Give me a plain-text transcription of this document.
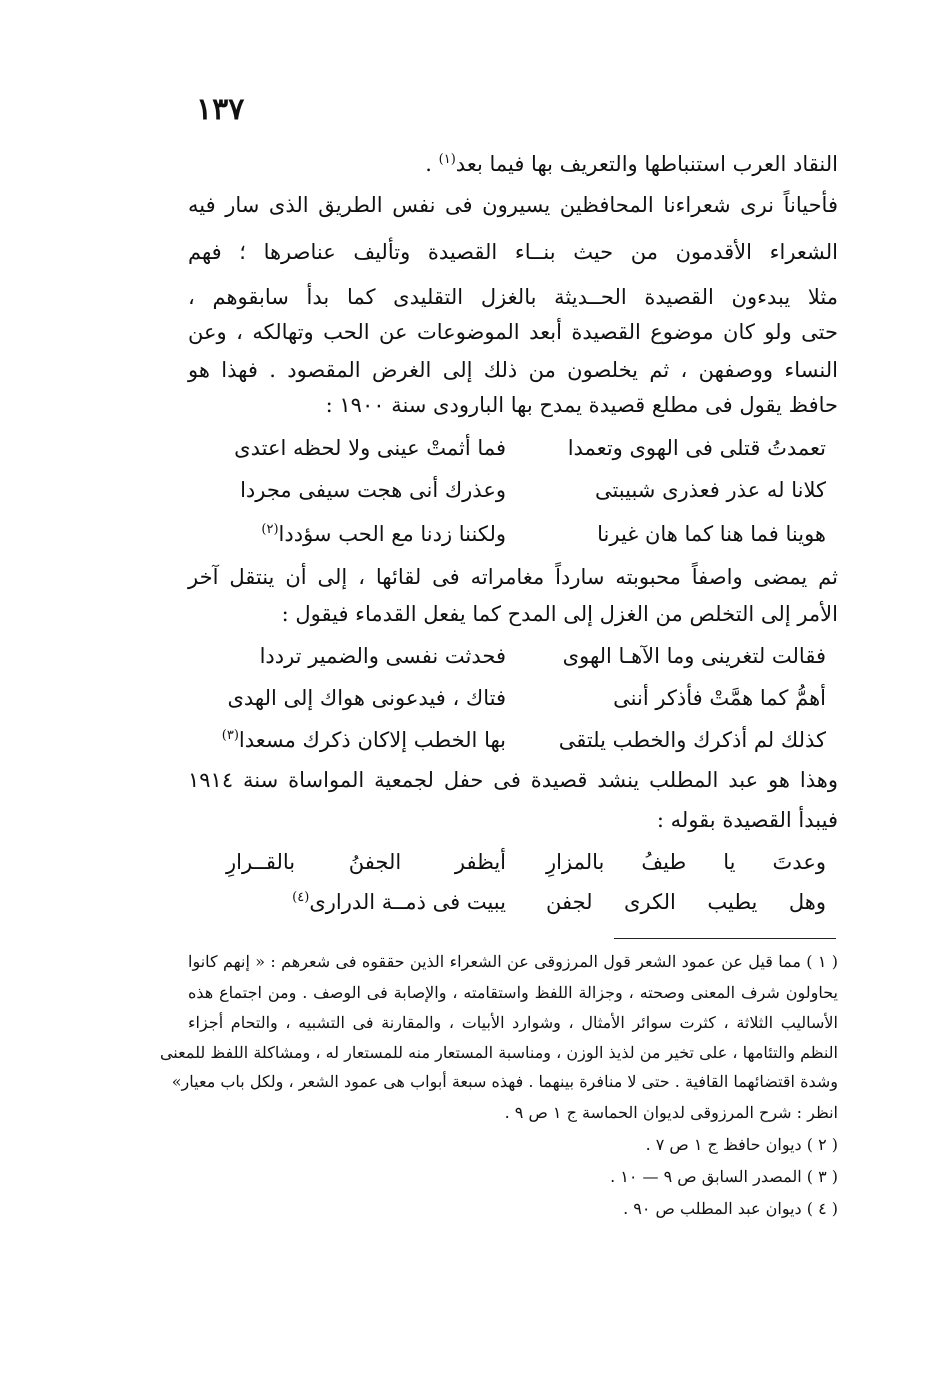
١٣٧
النقاد العرب استنباطها والتعريف بها فيما بعد$^{(١)}$ .
فأحياناً نرى شعراءنا المحافظين يسيرون فى نفس الطريق الذى سار فيه
الشعراء الأقدمون من حيث بنــاء القصيدة وتأليف عناصرها ؛ فهم
مثلا يبدءون القصيدة الحــديثة بالغزل التقليدى كما بدأ سابقوهم ،
حتى ولو كان موضوع القصيدة أبعد الموضوعات عن الحب وتهالكه ، وعن
النساء ووصفهن ، ثم يخلصون من ذلك إلى الغرض المقصود . فهذا هو
حافظ يقول فى مطلع قصيدة يمدح بها البارودى سنة ١٩٠٠ :
تعمدتُ قتلى فى الهوى وتعمدا
فما أثمتْ عينى ولا لحظه اعتدى
كلانا له عذر فعذرى شبيبتى
وعذرك أنى هجت سيفى مجردا
هوينا فما هنا كما هان غيرنا
ولكننا زدنا مع الحب سؤددا$^{(٢)}$
ثم يمضى واصفاً محبوبته سارداً مغامراته فى لقائها ، إلى أن ينتقل آخر
الأمر إلى التخلص من الغزل إلى المدح كما يفعل القدماء فيقول :
فقالت لتغرينى وما الآهـا الهوى
فحدثت نفسى والضمير ترددا
أهمُّ كما همَّتْ فأذكر أننى
فتاك ، فيدعونى هواك إلى الهدى
كذلك لم أذكرك والخطب يلتقى
بها الخطب إلاكان ذكرك مسعدا$^{(٣)}$
وهذا هو عبد المطلب ينشد قصيدة فى حفل لجمعية المواساة سنة ١٩١٤
فيبدأ القصيدة بقوله :
وعدتَ يا طيفُ بالمزارِ
أيظفر الجفنُ بالقــرارِ
وهل يطيب الكرى لجفن
يبيت فى ذمــة الدرارى$^{(٤)}$
( ١ ) مما قيل عن عمود الشعر قول المرزوقى عن الشعراء الذين حققوه فى شعرهم : « إنهم كانوا
يحاولون شرف المعنى وصحته ، وجزالة اللفظ واستقامته ، والإصابة فى الوصف . ومن اجتماع هذه
الأساليب الثلاثة ، كثرت سوائر الأمثال ، وشوارد الأبيات ، والمقارنة فى التشبيه ، والتحام أجزاء
النظم والتئامها ، على تخير من لذيذ الوزن ، ومناسبة المستعار منه للمستعار له ، ومشاكلة اللفظ للمعنى
وشدة اقتضائهما القافية . حتى لا منافرة بينهما . فهذه سبعة أبواب هى عمود الشعر ، ولكل باب معيار»
انظر : شرح المرزوقى لديوان الحماسة ج ١ ص ٩ .
( ٢ ) ديوان حافظ ج ١ ص ٧ .
( ٣ ) المصدر السابق ص ٩ — ١٠ .
( ٤ ) ديوان عبد المطلب ص ٩٠ .
